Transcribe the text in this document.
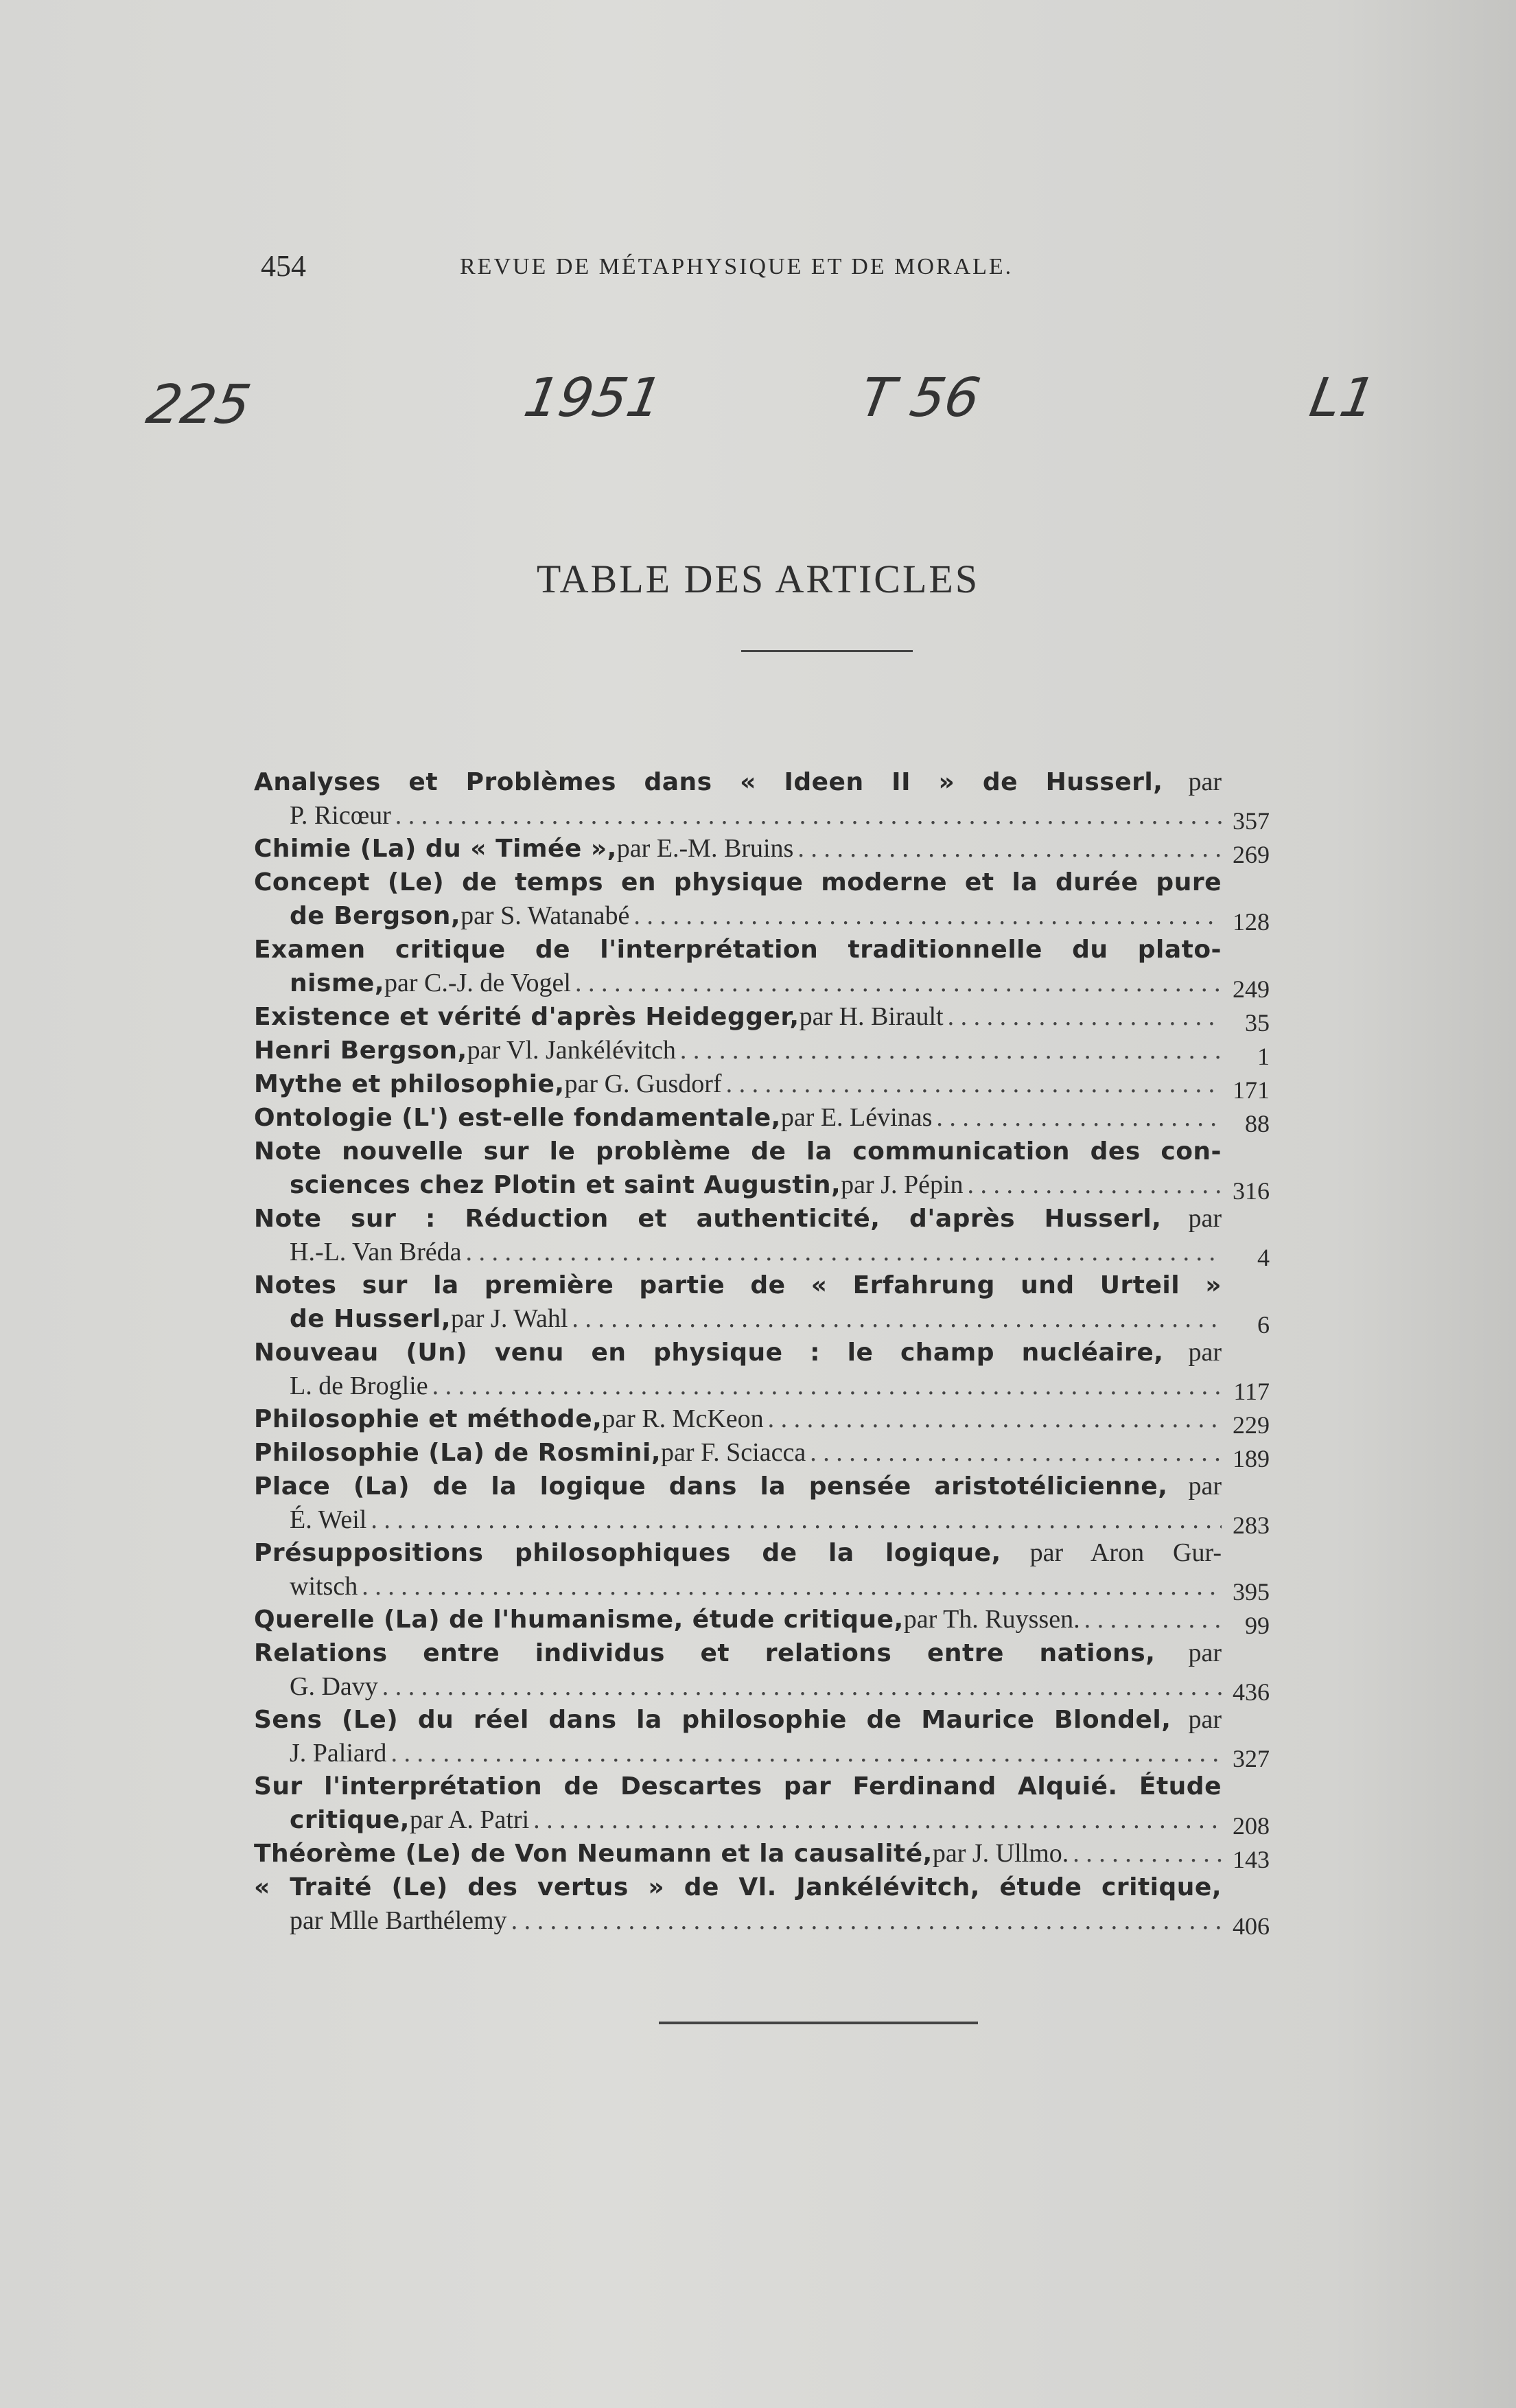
454	REVUE DE MÉTAPHYSIQUE ET DE MORALE.
225	1951	T 56	L1
TABLE DES ARTICLES
Analyses et Problèmes dans « Ideen II » de Husserl, par
P. Ricœur . . .	357
Chimie (La) du « Timée », par E.-M. Bruins . . .	269
Concept (Le) de temps en physique moderne et la durée pure
de Bergson, par S. Watanabé . . .	128
Examen critique de l'interprétation traditionnelle du plato-
nisme, par C.-J. de Vogel . . .	249
Existence et vérité d'après Heidegger, par H. Birault . . .	35
Henri Bergson, par Vl. Jankélévitch . . .	1
Mythe et philosophie, par G. Gusdorf . . .	171
Ontologie (L') est-elle fondamentale, par E. Lévinas . . .	88
Note nouvelle sur le problème de la communication des con-
sciences chez Plotin et saint Augustin, par J. Pépin . . .	316
Note sur : Réduction et authenticité, d'après Husserl, par
H.-L. Van Bréda . . .	4
Notes sur la première partie de « Erfahrung und Urteil »
de Husserl, par J. Wahl . . .	6
Nouveau (Un) venu en physique : le champ nucléaire, par
L. de Broglie . . .	117
Philosophie et méthode, par R. McKeon . . .	229
Philosophie (La) de Rosmini, par F. Sciacca . . .	189
Place (La) de la logique dans la pensée aristotélicienne, par
É. Weil . . .	283
Présuppositions philosophiques de la logique, par Aron Gur-
witsch . . .	395
Querelle (La) de l'humanisme, étude critique, par Th. Ruyssen. . . .	99
Relations entre individus et relations entre nations, par
G. Davy . . .	436
Sens (Le) du réel dans la philosophie de Maurice Blondel, par
J. Paliard . . .	327
Sur l'interprétation de Descartes par Ferdinand Alquié. Étude
critique, par A. Patri . . .	208
Théorème (Le) de Von Neumann et la causalité, par J. Ullmo. . . .	143
« Traité (Le) des vertus » de Vl. Jankélévitch, étude critique,
par Mlle Barthélemy . . .	406
